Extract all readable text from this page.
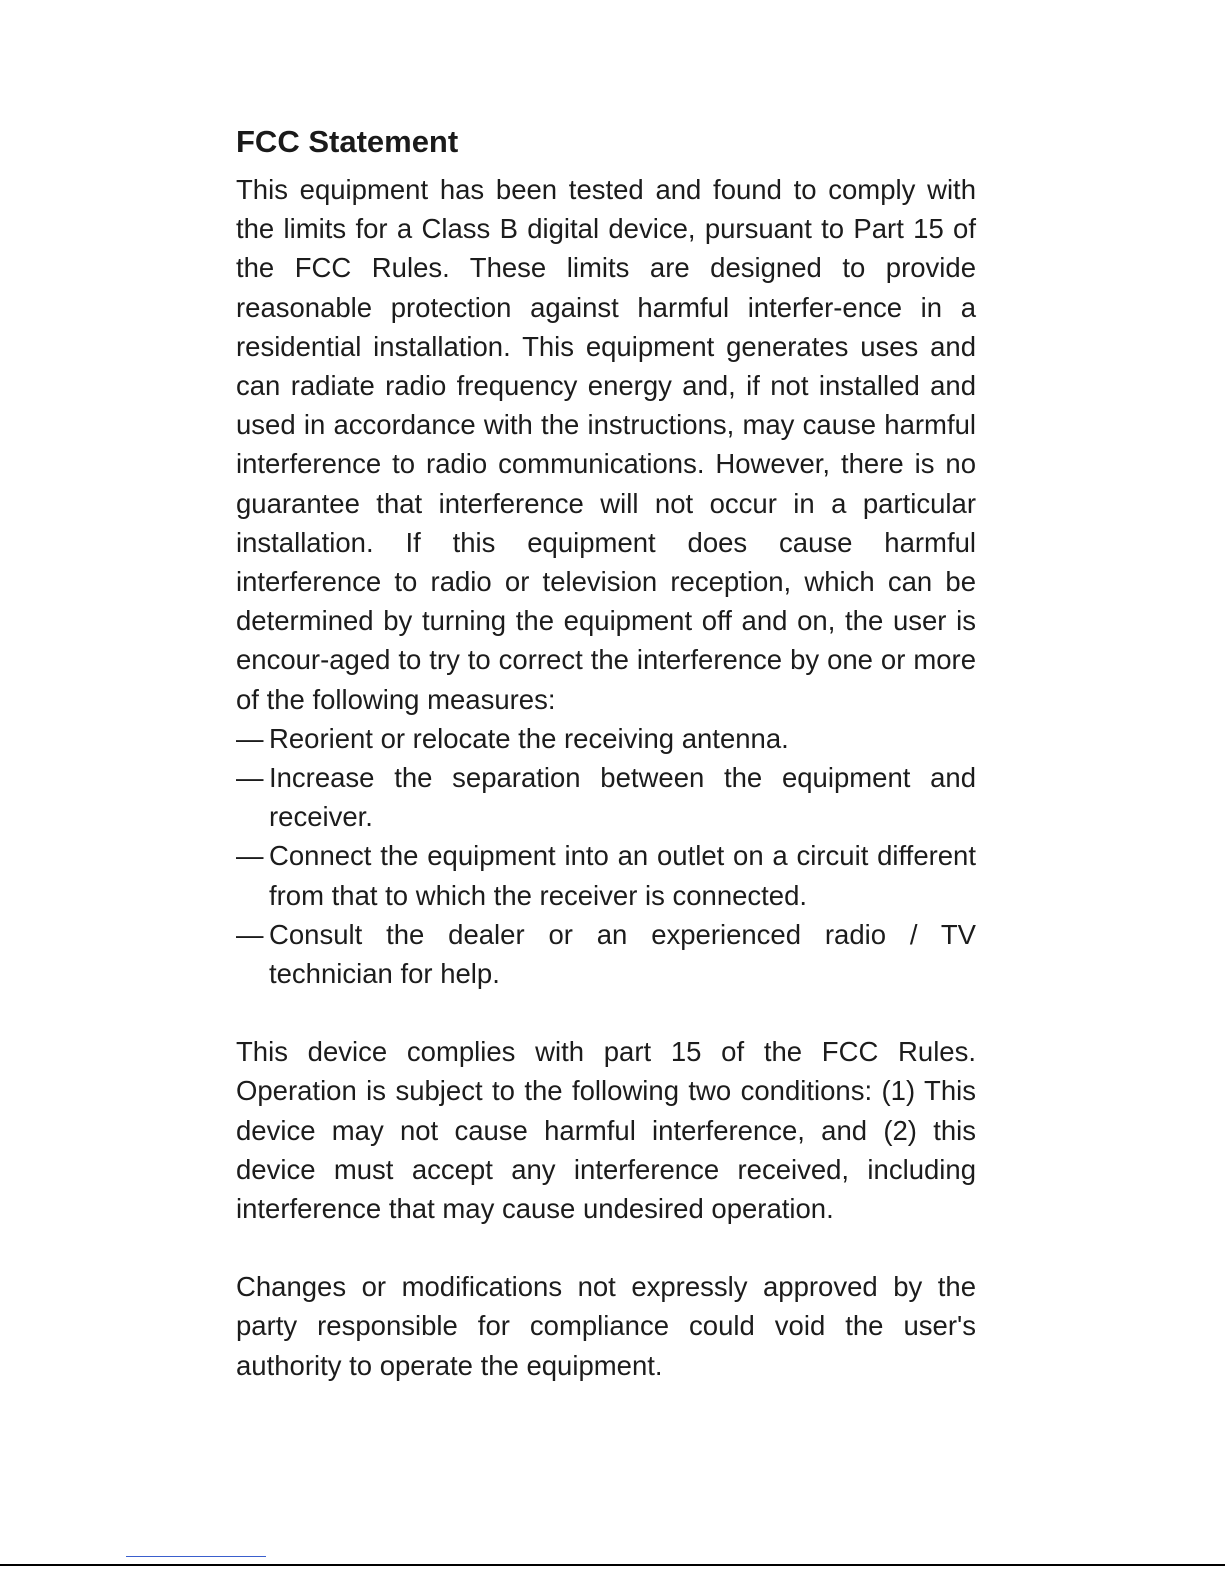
FCC Statement

This equipment has been tested and found to comply with the limits for a Class B digital device, pursuant to Part 15 of the FCC Rules. These limits are designed to provide reasonable protection against harmful interfer-ence in a residential installation. This equipment generates uses and can radiate radio frequency energy and, if not installed and used in accordance with the instructions, may cause harmful interference to radio communications. However, there is no guarantee that interference will not occur in a particular installation. If this equipment does cause harmful interference to radio or television reception, which can be determined by turning the equipment off and on, the user is encour-aged to try to correct the interference by one or more of the following measures:

— Reorient or relocate the receiving antenna.
— Increase the separation between the equipment and receiver.
— Connect the equipment into an outlet on a circuit different from that to which the receiver is connected.
— Consult the dealer or an experienced radio / TV technician for help.

This device complies with part 15 of the FCC Rules. Operation is subject to the following two conditions: (1) This device may not cause harmful interference, and (2) this device must accept any interference received, including interference that may cause undesired operation.

Changes or modifications not expressly approved by the party responsible for compliance could void the user's authority to operate the equipment.
